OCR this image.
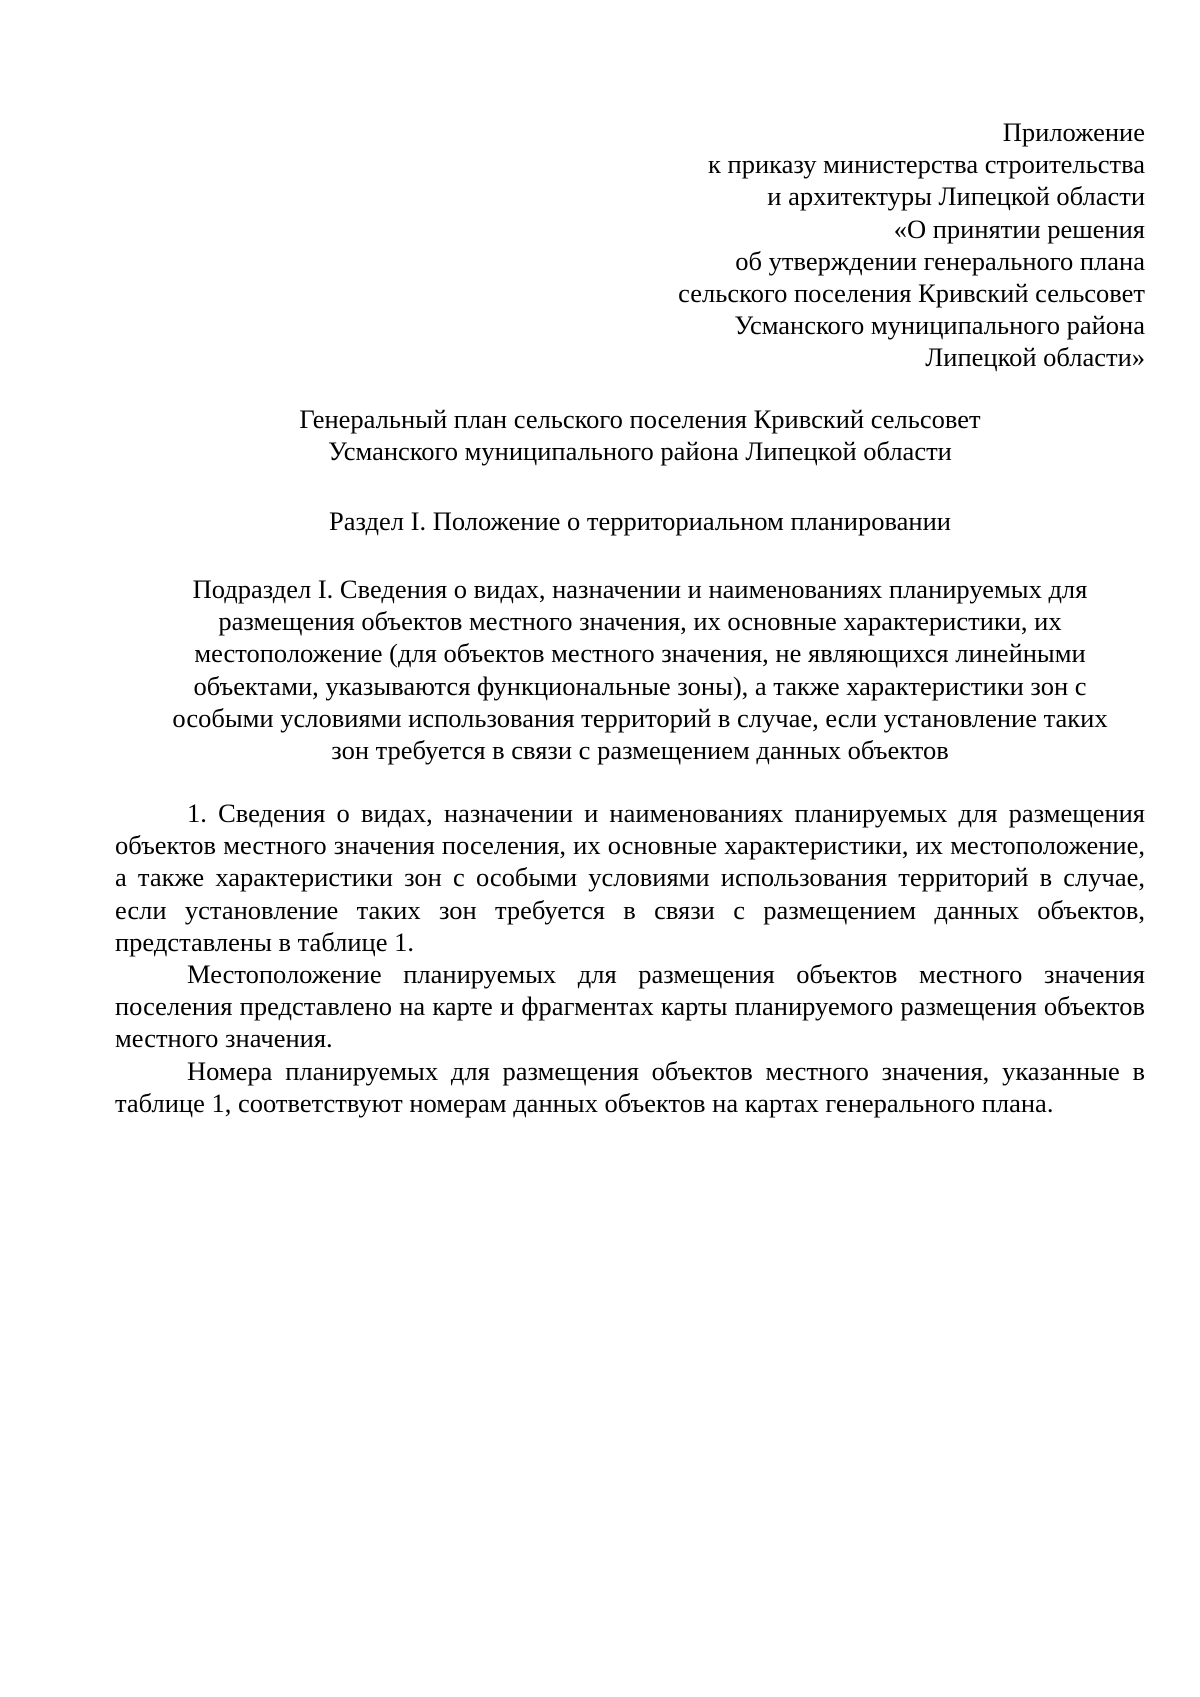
Приложение
к приказу министерства строительства
и архитектуры Липецкой области
«О принятии решения
об утверждении генерального плана
сельского поселения Кривский сельсовет
Усманского муниципального района
Липецкой области»
Генеральный план сельского поселения Кривский сельсовет
Усманского муниципального района Липецкой области
Раздел I. Положение о территориальном планировании
Подраздел I. Сведения о видах, назначении и наименованиях планируемых для
размещения объектов местного значения, их основные характеристики, их
местоположение (для объектов местного значения, не являющихся линейными
объектами, указываются функциональные зоны), а также характеристики зон с
особыми условиями использования территорий в случае, если установление таких
зон требуется в связи с размещением данных объектов

1. Сведения о видах, назначении и наименованиях планируемых для размещения объектов местного значения поселения, их основные характеристики, их местоположение, а также характеристики зон с особыми условиями использования территорий в случае, если установление таких зон требуется в связи с размещением данных объектов, представлены в таблице 1.

Местоположение планируемых для размещения объектов местного значения поселения представлено на карте и фрагментах карты планируемого размещения объектов местного значения.

Номера планируемых для размещения объектов местного значения, указанные в таблице 1, соответствуют номерам данных объектов на картах генерального плана.
